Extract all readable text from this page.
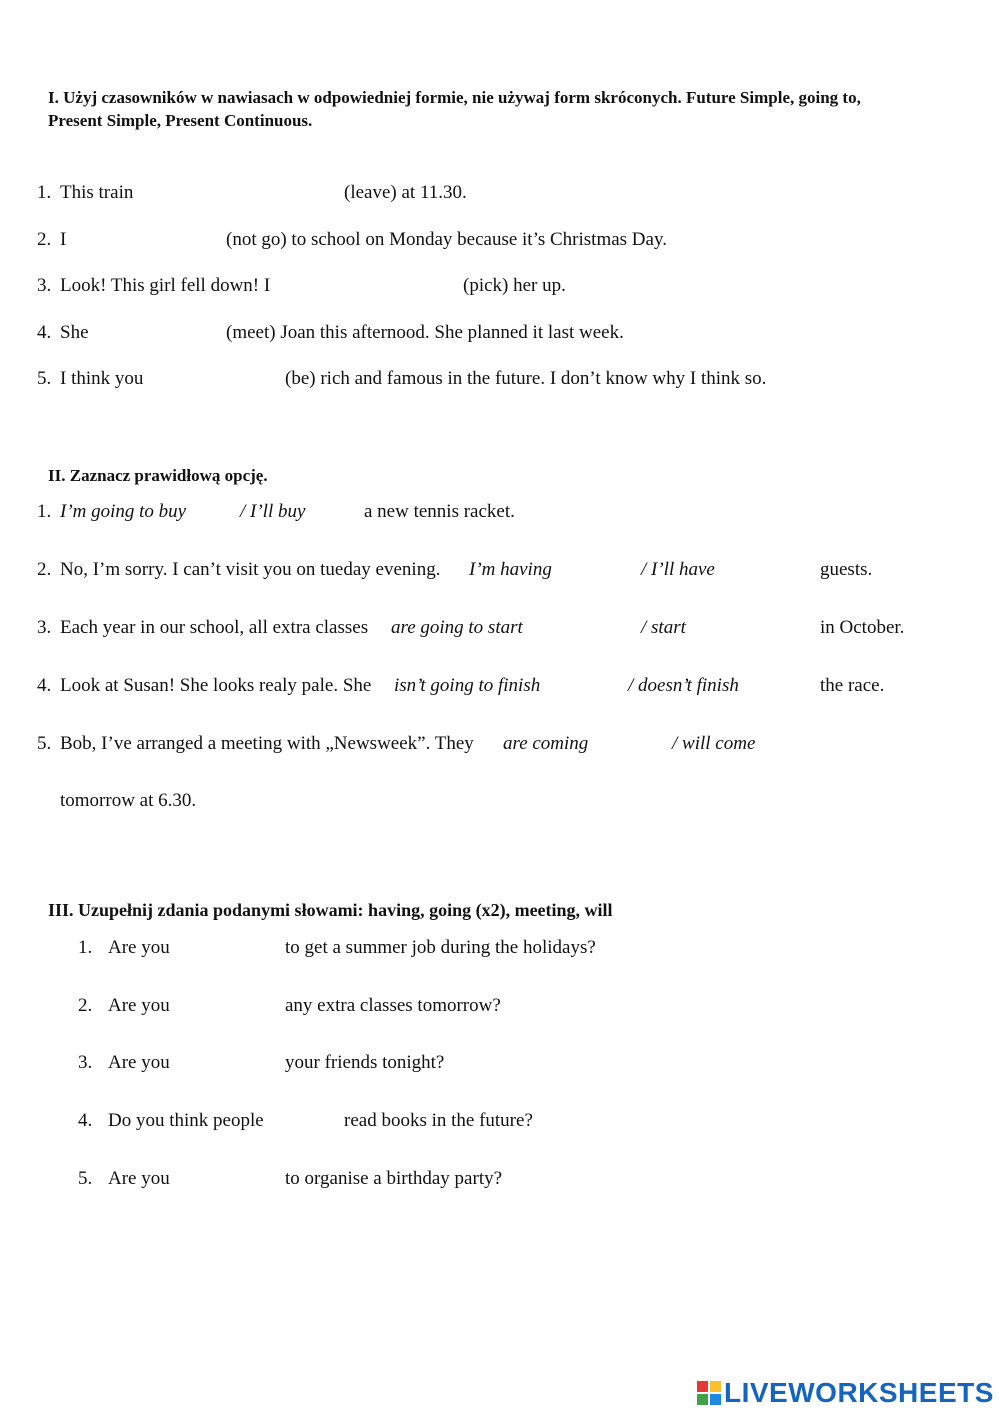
I. Użyj czasowników w nawiasach w odpowiedniej formie, nie używaj form skróconych. Future Simple, going to,
Present Simple, Present Continuous.
1. This train	(leave) at 11.30.
2. I	(not go) to school on Monday because it’s Christmas Day.
3. Look! This girl fell down! I	(pick) her up.
4. She	(meet) Joan this afternood. She planned it last week.
5. I think you	(be) rich and famous in the future. I don’t know why I think so.
II. Zaznacz prawidłową opcję.
1. I’m going to buy	/ I’ll buy	a new tennis racket.
2. No, I’m sorry. I can’t visit you on tueday evening. I’m having	/ I’ll have	guests.
3. Each year in our school, all extra classes are going to start	/ start	in October.
4. Look at Susan! She looks realy pale. She isn’t going to finish	/ doesn’t finish	the race.
5. Bob, I’ve arranged a meeting with „Newsweek”. They are coming	/ will come
tomorrow at 6.30.
III. Uzupełnij zdania podanymi słowami: having, going (x2), meeting, will
1. Are you	to get a summer job during the holidays?
2. Are you	any extra classes tomorrow?
3. Are you	your friends tonight?
4. Do you think people	read books in the future?
5. Are you	to organise a birthday party?
LIVEWORKSHEETS
